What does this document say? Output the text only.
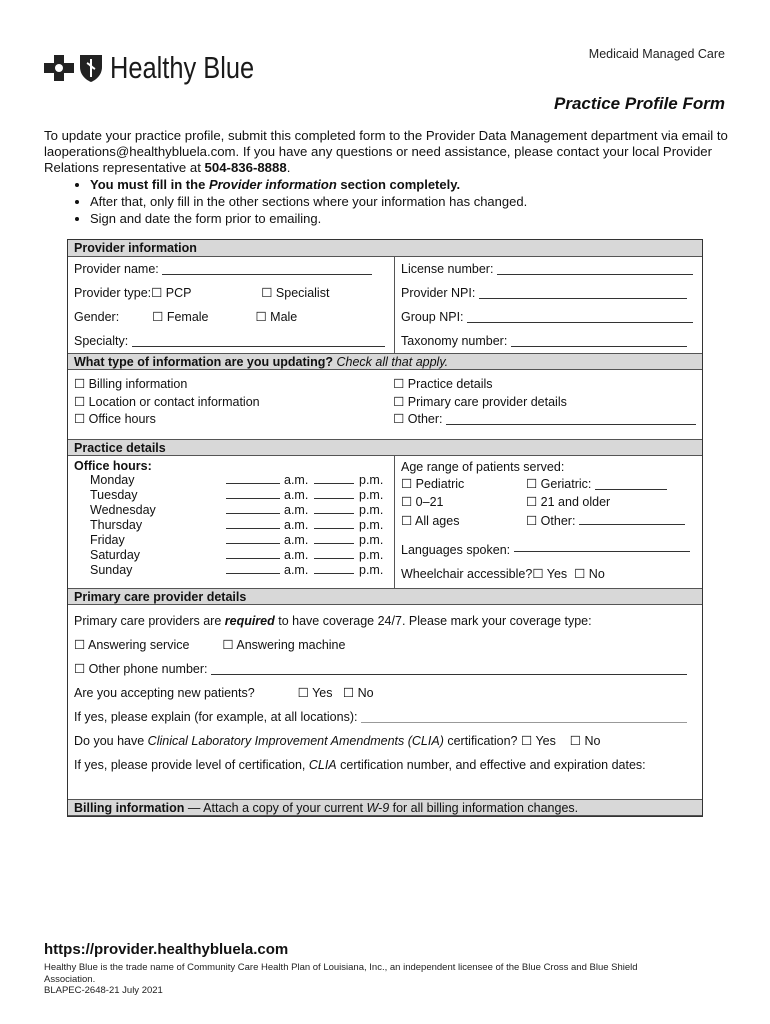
Healthy Blue	Medicaid Managed Care
Practice Profile Form

To update your practice profile, submit this completed form to the Provider Data Management department via email to laoperations@healthybluela.com. If you have any questions or need assistance, please contact your local Provider Relations representative at 504-836-8888.

• You must fill in the Provider information section completely.
• After that, only fill in the other sections where your information has changed.
• Sign and date the form prior to emailing.
Provider information
Provider name:
Provider type:☐ PCP	☐ Specialist
Gender:	☐ Female	☐ Male
Specialty:
License number:
Provider NPI:
Group NPI:
Taxonomy number:
What type of information are you updating? Check all that apply.
☐ Billing information
☐ Location or contact information
☐ Office hours
☐ Practice details
☐ Primary care provider details
☐ Other:
Practice details
Office hours:
Monday	a.m.	p.m.
Tuesday	a.m.	p.m.
Wednesday	a.m.	p.m.
Thursday	a.m.	p.m.
Friday	a.m.	p.m.
Saturday	a.m.	p.m.
Sunday	a.m.	p.m.
Age range of patients served:
☐ Pediatric	☐ Geriatric:

☐ 0–21	☐ 21 and older
☐ All ages	☐ Other:

Languages spoken:

Wheelchair accessible? ☐ Yes
☐ No
Primary care provider details
Primary care providers are required to have coverage 24/7. Please mark your coverage type:
☐ Answering service	☐ Answering machine
☐ Other phone number:
Are you accepting new patients?	☐ Yes ☐ No
If yes, please explain (for example, at all locations):
Do you have Clinical Laboratory Improvement Amendments (CLIA) certification? ☐ Yes ☐ No
If yes, please provide level of certification, CLIA certification number, and effective and expiration dates:
Billing information — Attach a copy of your current W-9 for all billing information changes.
https://provider.healthybluela.com
Healthy Blue is the trade name of Community Care Health Plan of Louisiana, Inc., an independent licensee of the Blue Cross and Blue Shield Association.
BLAPEC-2648-21 July 2021
